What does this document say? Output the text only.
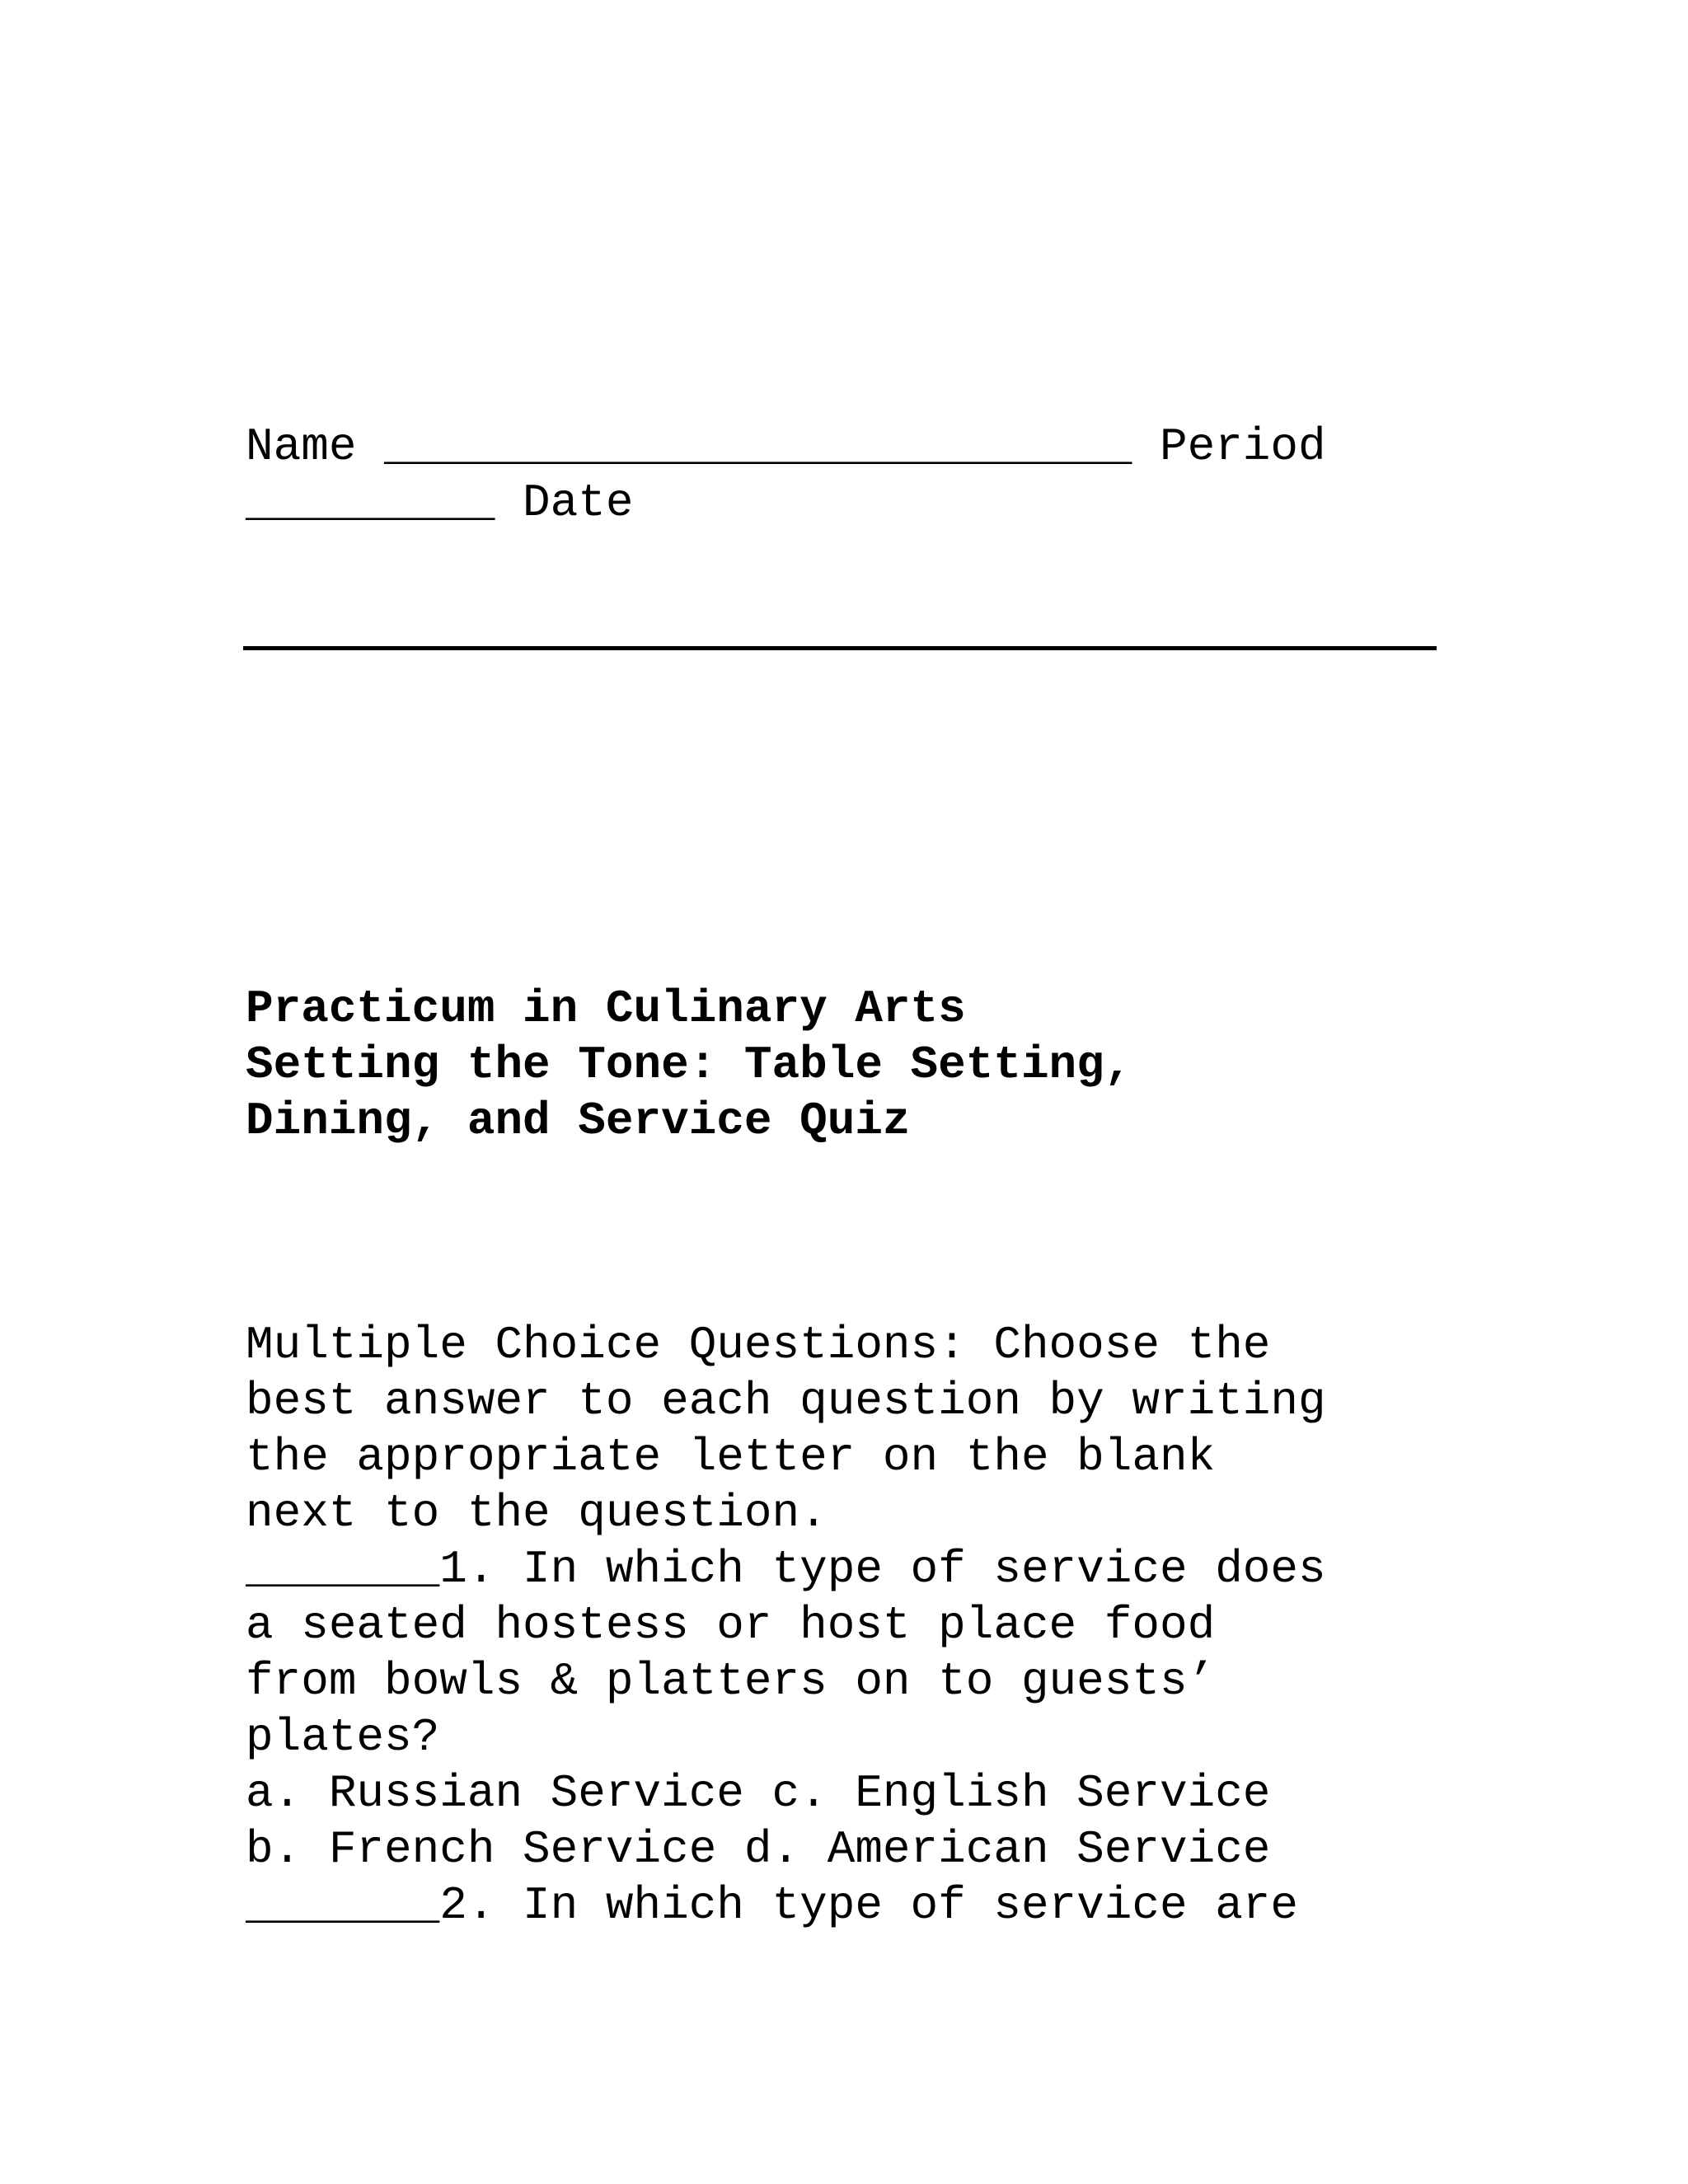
Name ___________________________ Period

_________ Date

Practicum in Culinary Arts

Setting the Tone: Table Setting,

Dining, and Service Quiz

Multiple Choice Questions: Choose the

best answer to each question by writing

the appropriate letter on the blank

next to the question.

_______1. In which type of service does

a seated hostess or host place food

from bowls & platters on to guests’

plates?

a. Russian Service c. English Service

b. French Service d. American Service

_______2. In which type of service are
